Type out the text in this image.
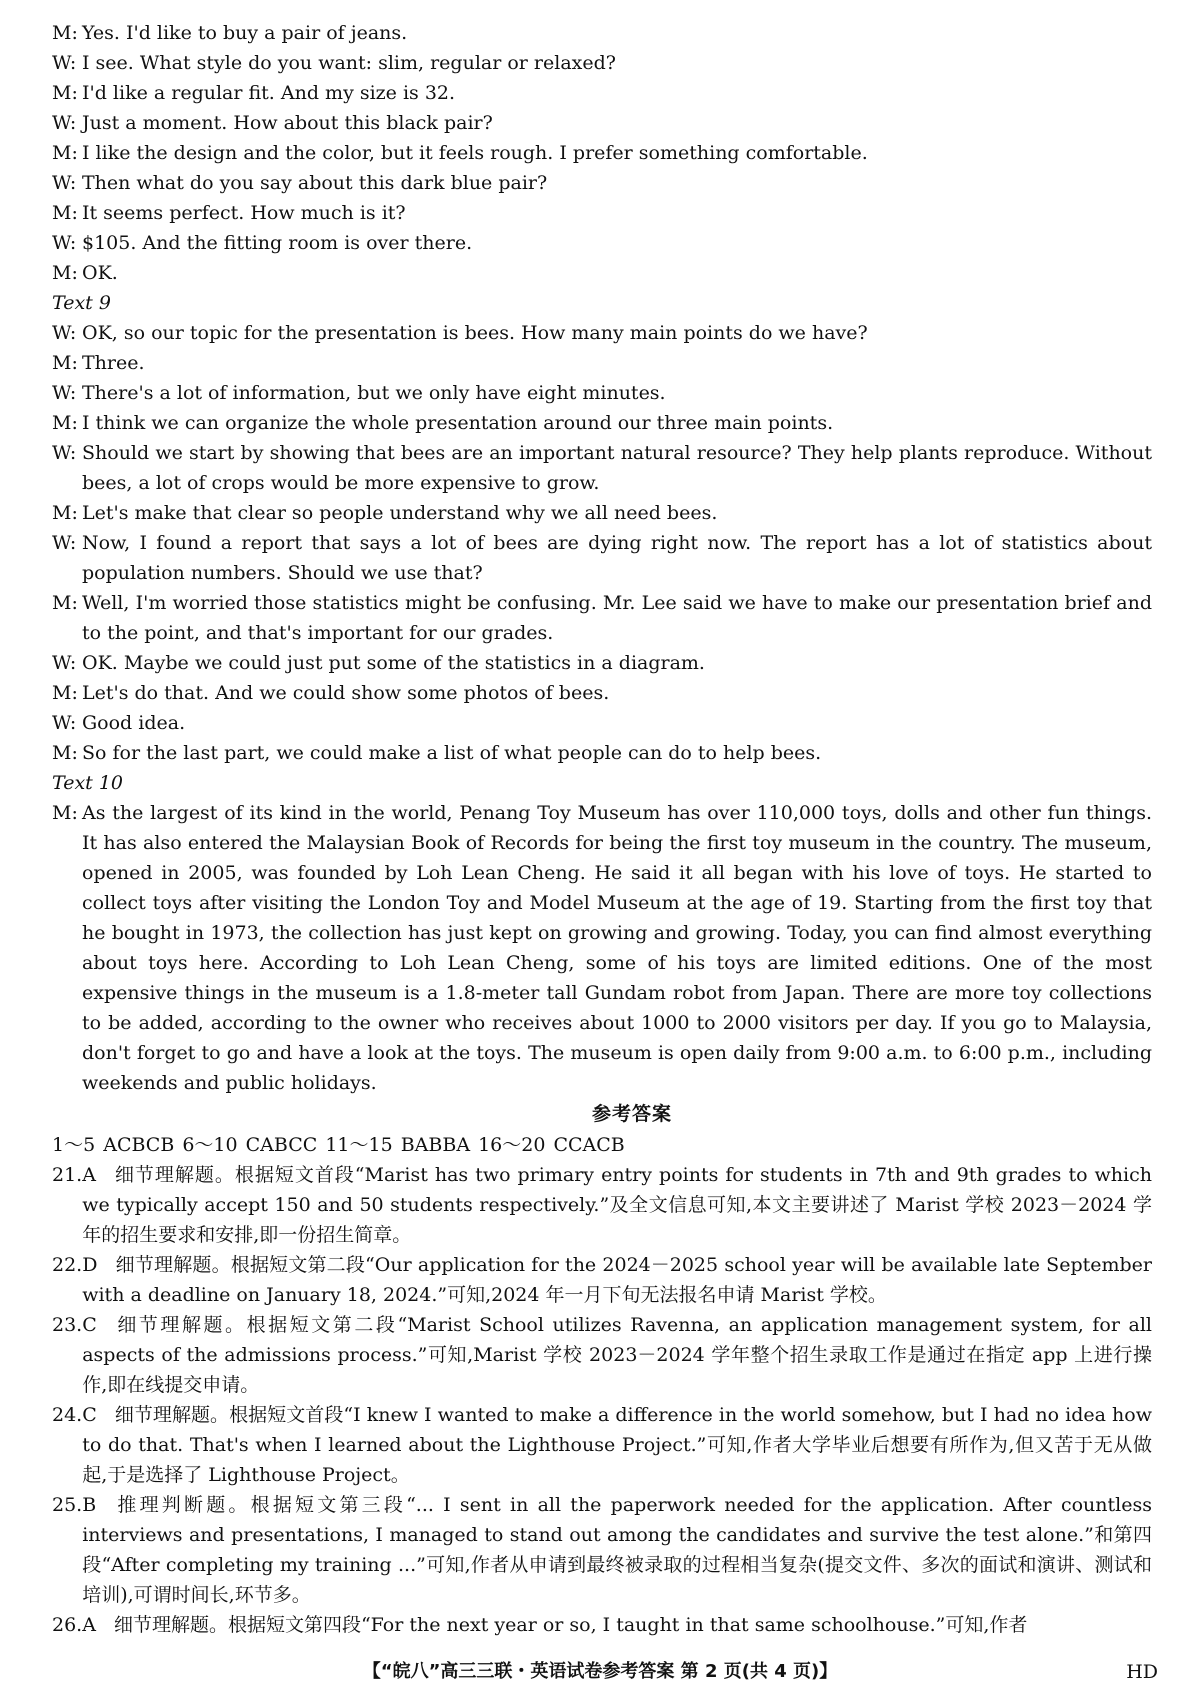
M: Yes. I'd like to buy a pair of jeans.
W: I see. What style do you want: slim, regular or relaxed?
M: I'd like a regular fit. And my size is 32.
W: Just a moment. How about this black pair?
M: I like the design and the color, but it feels rough. I prefer something comfortable.
W: Then what do you say about this dark blue pair?
M: It seems perfect. How much is it?
W: $105. And the fitting room is over there.
M: OK.
Text 9
W: OK, so our topic for the presentation is bees. How many main points do we have?
M: Three.
W: There's a lot of information, but we only have eight minutes.
M: I think we can organize the whole presentation around our three main points.
W: Should we start by showing that bees are an important natural resource? They help plants reproduce. Without bees, a lot of crops would be more expensive to grow.
M: Let's make that clear so people understand why we all need bees.
W: Now, I found a report that says a lot of bees are dying right now. The report has a lot of statistics about population numbers. Should we use that?
M: Well, I'm worried those statistics might be confusing. Mr. Lee said we have to make our presentation brief and to the point, and that's important for our grades.
W: OK. Maybe we could just put some of the statistics in a diagram.
M: Let's do that. And we could show some photos of bees.
W: Good idea.
M: So for the last part, we could make a list of what people can do to help bees.
Text 10
M: As the largest of its kind in the world, Penang Toy Museum has over 110,000 toys, dolls and other fun things. It has also entered the Malaysian Book of Records for being the first toy museum in the country. The museum, opened in 2005, was founded by Loh Lean Cheng. He said it all began with his love of toys. He started to collect toys after visiting the London Toy and Model Museum at the age of 19. Starting from the first toy that he bought in 1973, the collection has just kept on growing and growing. Today, you can find almost everything about toys here. According to Loh Lean Cheng, some of his toys are limited editions. One of the most expensive things in the museum is a 1.8-meter tall Gundam robot from Japan. There are more toy collections to be added, according to the owner who receives about 1000 to 2000 visitors per day. If you go to Malaysia, don't forget to go and have a look at the toys. The museum is open daily from 9:00 a.m. to 6:00 p.m., including weekends and public holidays.
参考答案
1～5 ACBCB 6～10 CABCC 11～15 BABBA 16～20 CCACB
21. A 细节理解题。根据短文首段“Marist has two primary entry points for students in 7th and 9th grades to which we typically accept 150 and 50 students respectively.”及全文信息可知,本文主要讲述了 Marist 学校 2023－2024 学年的招生要求和安排,即一份招生简章。
22. D 细节理解题。根据短文第二段“Our application for the 2024－2025 school year will be available late September with a deadline on January 18, 2024.”可知,2024 年一月下旬无法报名申请 Marist 学校。
23. C 细节理解题。根据短文第二段“Marist School utilizes Ravenna, an application management system, for all aspects of the admissions process.”可知,Marist 学校 2023－2024 学年整个招生录取工作是通过在指定 app 上进行操作,即在线提交申请。
24. C 细节理解题。根据短文首段“I knew I wanted to make a difference in the world somehow, but I had no idea how to do that. That's when I learned about the Lighthouse Project.”可知,作者大学毕业后想要有所作为,但又苦于无从做起,于是选择了 Lighthouse Project。
25. B 推理判断题。根据短文第三段“... I sent in all the paperwork needed for the application. After countless interviews and presentations, I managed to stand out among the candidates and survive the test alone.”和第四段“After completing my training ...”可知,作者从申请到最终被录取的过程相当复杂(提交文件、多次的面试和演讲、测试和培训),可谓时间长,环节多。
26. A 细节理解题。根据短文第四段“For the next year or so, I taught in that same schoolhouse.”可知,作者
【“皖八”高三三联・英语试卷参考答案 第 2 页(共 4 页)】	HD
